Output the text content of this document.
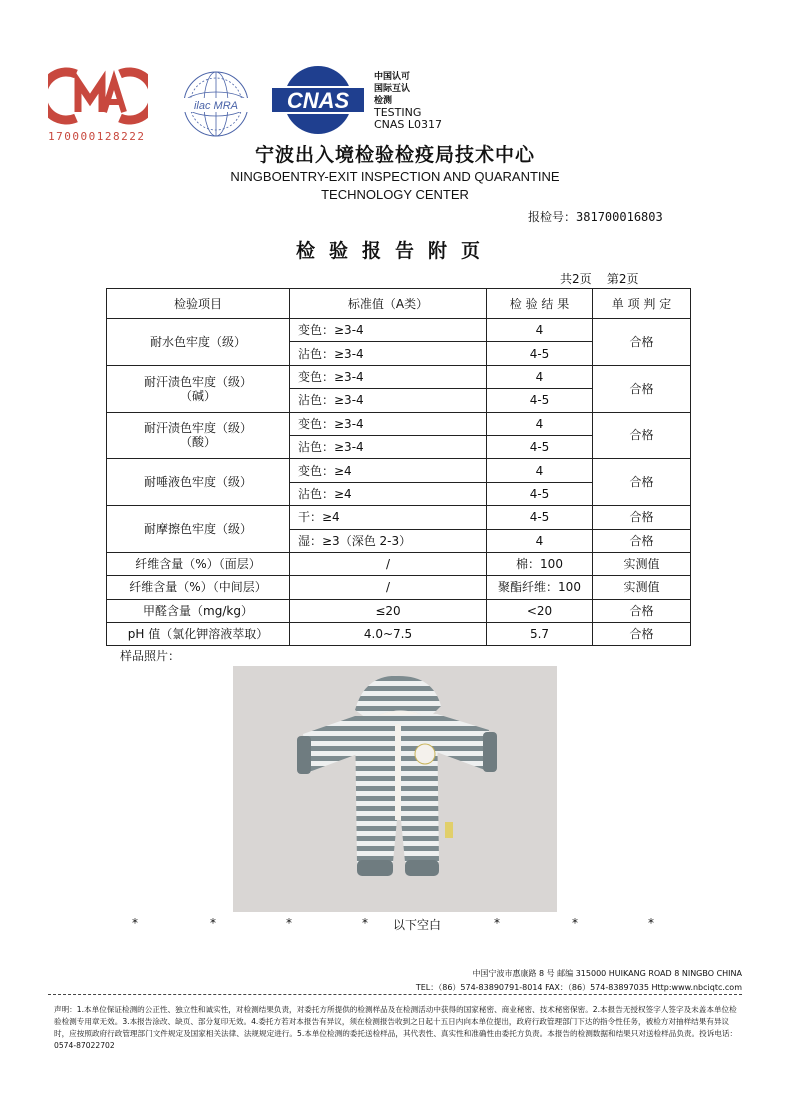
170000128222
ilac MRA CNAS
中国认可
国际互认
检测
TESTING
CNAS L0317
宁波出入境检验检疫局技术中心
NINGBOENTRY-EXIT INSPECTION AND QUARANTINE
TECHNOLOGY CENTER
报检号：381700016803
检验报告附页
共2页    第2页
检验项目	标准值（A类）	检 验 结 果	单 项 判 定
耐水色牢度（级）	变色：≥3-4	4	合格
	沾色：≥3-4	4-5	

耐汗渍色牢度（级）
（碱）	变色：≥3-4	4	合格
	沾色：≥3-4	4-5	

耐汗渍色牢度（级）
（酸）	变色：≥3-4	4	合格
	沾色：≥3-4	4-5	
耐唾液色牢度（级）	变色：≥4	4	合格
	沾色：≥4	4-5	
耐摩擦色牢度（级）	干：≥4	4-5	合格
	湿：≥3（深色 2-3）	4	合格
纤维含量（%）（面层）	/	棉：100	实测值
纤维含量（%）（中间层）	/	聚酯纤维：100	实测值
甲醛含量（mg/kg）	≤20	<20	合格
pH 值（氯化钾溶液萃取）	4.0~7.5	5.7	合格
样品照片：
*	*	*	* 以下空白	*	*	*
中国宁波市惠康路 8 号 邮编 315000 HUIKANG ROAD 8 NINGBO CHINA
TEL：（86）574-83890791-8014 FAX：（86）574-83897035 Http:www.nbciqtc.com
声明：1.本单位保证检测的公正性、独立性和诚实性，对检测结果负责，对委托方所提供的检测样品及在检测活动中获得的国家秘密、商业秘密、技术秘密保密。2.本报告无授权签字人签字及未盖本单位检验检测专用章无效。3.本报告涂改、缺页、部分复印无效。4.委托方若对本报告有异议，须在检测报告收到之日起十五日内向本单位提出，政府行政管理部门下达的指令性任务，被检方对抽样结果有异议时，应按照政府行政管理部门文件规定及国家相关法律、法规规定进行。5.本单位检测的委托送检样品，其代表性、真实性和准确性由委托方负责。本报告的检测数据和结果只对送检样品负责。投诉电话：0574-87022702
